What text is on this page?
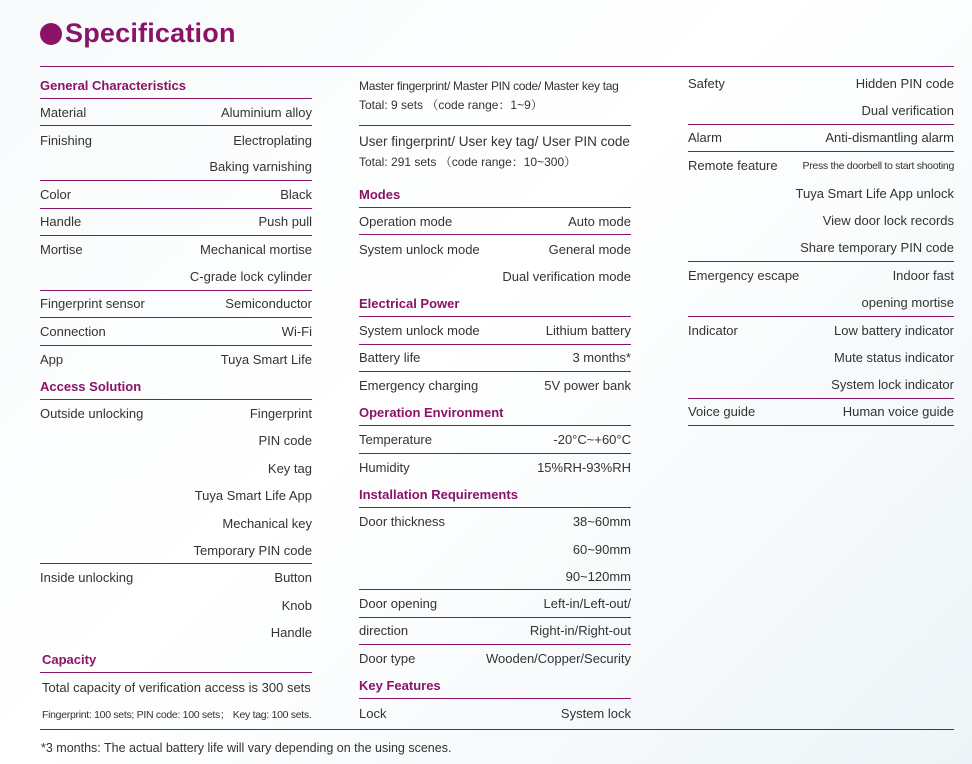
Specification
General Characteristics
Material	Aluminium alloy
Finishing	Electroplating
Baking varnishing
Color	Black
Handle	Push pull
Mortise	Mechanical mortise
C-grade lock cylinder
Fingerprint sensor	Semiconductor
Connection	Wi-Fi
App	Tuya Smart Life
Access Solution
Outside unlocking	Fingerprint
PIN code
Key tag
Tuya Smart Life App
Mechanical key
Temporary PIN code
Inside unlocking	Button
Knob
Handle
Capacity
Total capacity of verification access is 300 sets
Fingerprint: 100 sets; PIN code: 100 sets； Key tag: 100 sets.
Master fingerprint/ Master PIN code/ Master key tag
Total: 9 sets （code range：1~9）
User fingerprint/ User key tag/ User PIN code
Total: 291 sets （code range：10~300）
Modes
Operation mode	Auto mode
System unlock mode	General mode
Dual verification mode
Electrical Power
System unlock mode	Lithium battery
Battery life	3 months*
Emergency charging	5V power bank
Operation Environment
Temperature	-20°C~+60°C
Humidity	15%RH-93%RH
Installation Requirements
Door thickness	38~60mm
60~90mm
90~120mm
Door opening	Left-in/Left-out/
direction	Right-in/Right-out
Door type	Wooden/Copper/Security
Key Features
Lock	System lock
Safety	Hidden PIN code
Dual verification
Alarm	Anti-dismantling alarm
Remote feature Press the doorbell to start shooting
Tuya Smart Life App unlock
View door lock records
Share temporary PIN code
Emergency escape	Indoor fast
opening mortise
Indicator	Low battery indicator
Mute status indicator
System lock indicator
Voice guide	Human voice guide
*3 months: The actual battery life will vary depending on the using scenes.
